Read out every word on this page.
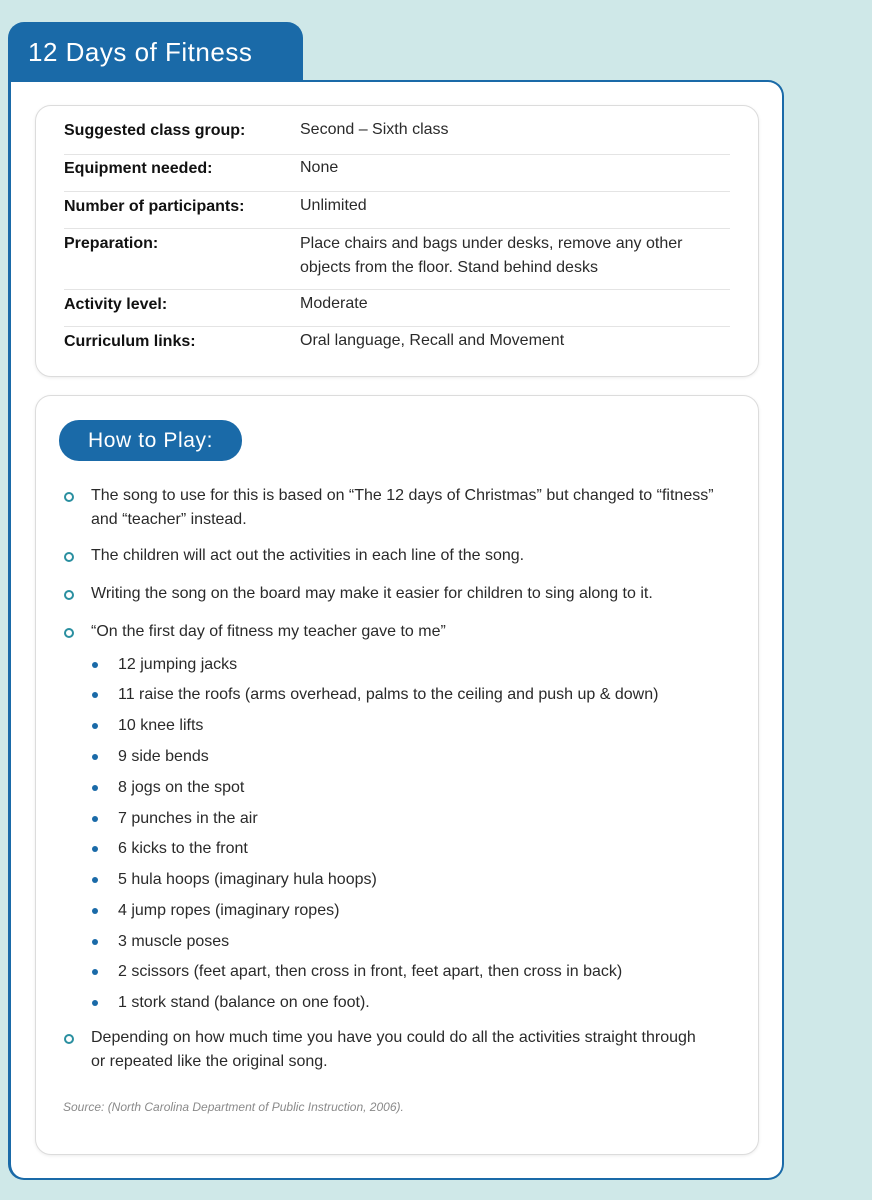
12 Days of Fitness
Suggested class group:	Second – Sixth class
Equipment needed:	None
Number of participants:	Unlimited
Preparation:	Place chairs and bags under desks, remove any other objects from the floor. Stand behind desks
Activity level:	Moderate
Curriculum links:	Oral language, Recall and Movement
How to Play:
The song to use for this is based on “The 12 days of Christmas” but changed to “fitness” and “teacher” instead.
The children will act out the activities in each line of the song.
Writing the song on the board may make it easier for children to sing along to it.
“On the first day of fitness my teacher gave to me”
12 jumping jacks
11 raise the roofs (arms overhead, palms to the ceiling and push up & down)
10 knee lifts
9 side bends
8 jogs on the spot
7 punches in the air
6 kicks to the front
5 hula hoops (imaginary hula hoops)
4 jump ropes (imaginary ropes)
3 muscle poses
2 scissors (feet apart, then cross in front, feet apart, then cross in back)
1 stork stand (balance on one foot).
Depending on how much time you have you could do all the activities straight through or repeated like the original song.
Source: (North Carolina Department of Public Instruction, 2006).
